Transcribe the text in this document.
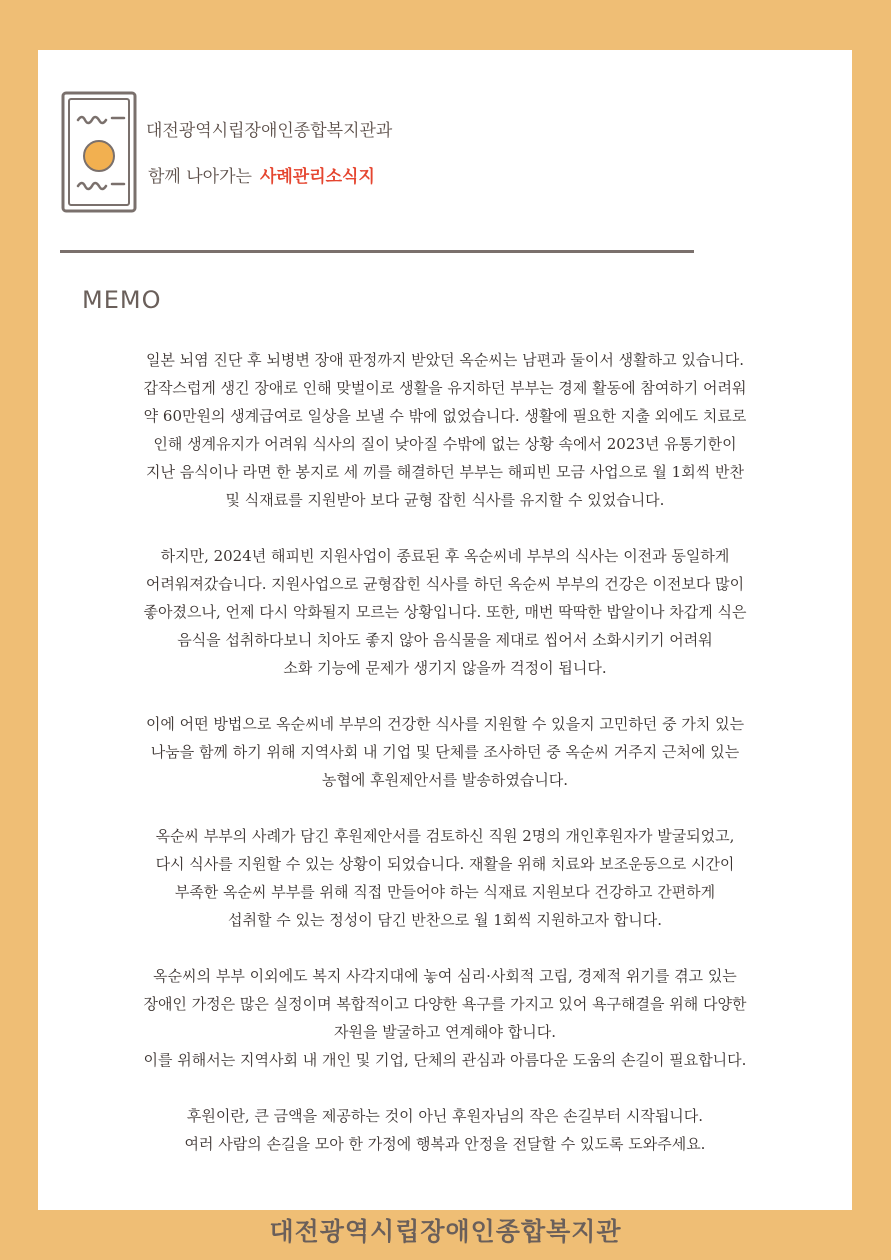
대전광역시립장애인종합복지관과
함께 나아가는 사례관리소식지
MEMO

일본 뇌염 진단 후 뇌병변 장애 판정까지 받았던 옥순씨는 남편과 둘이서 생활하고 있습니다.
갑작스럽게 생긴 장애로 인해 맞벌이로 생활을 유지하던 부부는 경제 활동에 참여하기 어려워
약 60만원의 생계급여로 일상을 보낼 수 밖에 없었습니다. 생활에 필요한 지출 외에도 치료로
인해 생계유지가 어려워 식사의 질이 낮아질 수밖에 없는 상황 속에서 2023년 유통기한이
지난 음식이나 라면 한 봉지로 세 끼를 해결하던 부부는 해피빈 모금 사업으로 월 1회씩 반찬
및 식재료를 지원받아 보다 균형 잡힌 식사를 유지할 수 있었습니다.

하지만, 2024년 해피빈 지원사업이 종료된 후 옥순씨네 부부의 식사는 이전과 동일하게
어려워져갔습니다. 지원사업으로 균형잡힌 식사를 하던 옥순씨 부부의 건강은 이전보다 많이
좋아졌으나, 언제 다시 악화될지 모르는 상황입니다. 또한, 매번 딱딱한 밥알이나 차갑게 식은
음식을 섭취하다보니 치아도 좋지 않아 음식물을 제대로 씹어서 소화시키기 어려워
소화 기능에 문제가 생기지 않을까 걱정이 됩니다.

이에 어떤 방법으로 옥순씨네 부부의 건강한 식사를 지원할 수 있을지 고민하던 중 가치 있는
나눔을 함께 하기 위해 지역사회 내 기업 및 단체를 조사하던 중 옥순씨 거주지 근처에 있는
농협에 후원제안서를 발송하였습니다.

옥순씨 부부의 사례가 담긴 후원제안서를 검토하신 직원 2명의 개인후원자가 발굴되었고,
다시 식사를 지원할 수 있는 상황이 되었습니다. 재활을 위해 치료와 보조운동으로 시간이
부족한 옥순씨 부부를 위해 직접 만들어야 하는 식재료 지원보다 건강하고 간편하게
섭취할 수 있는 정성이 담긴 반찬으로 월 1회씩 지원하고자 합니다.

옥순씨의 부부 이외에도 복지 사각지대에 놓여 심리·사회적 고립, 경제적 위기를 겪고 있는
장애인 가정은 많은 실정이며 복합적이고 다양한 욕구를 가지고 있어 욕구해결을 위해 다양한
자원을 발굴하고 연계해야 합니다.
이를 위해서는 지역사회 내 개인 및 기업, 단체의 관심과 아름다운 도움의 손길이 필요합니다.

후원이란, 큰 금액을 제공하는 것이 아닌 후원자님의 작은 손길부터 시작됩니다.
여러 사람의 손길을 모아 한 가정에 행복과 안정을 전달할 수 있도록 도와주세요.

대전광역시립장애인종합복지관
